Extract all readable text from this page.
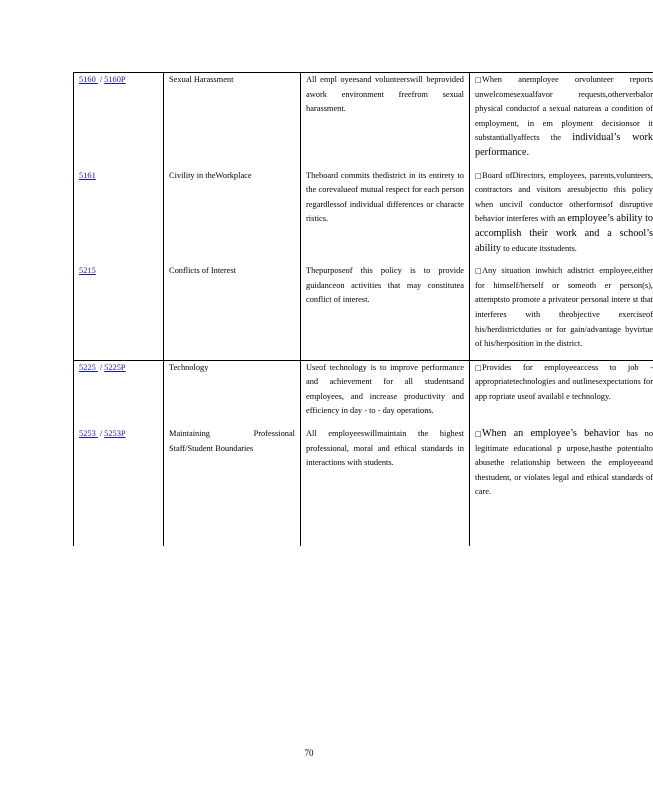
5160 / 5160P	Sexual Harassment	All empl oyeesand volunteerswill beprovided awork environment freefrom sexual harassment.	□When anemployee orvolunteer reports unwelcomesexualfavor requests,otherverbalor physical conductof a sexual natureas a condition of employment, in em ployment decisionsor it substantiallyaffects the individual’s work performance.
5161	Civility in theWorkplace	Theboard commits thedistrict in its entirety to the corevalueof mutual respect for each person regardlessof individual differences or characte ristics.	□Board ofDirectors, employees, parents,volunteers, contractors and visitors aresubjectto this policy when uncivil conductor otherformsof disruptive behavior interferes with an employee’s ability to accomplish their work and a school’s ability to educate itsstudents.
5215	Conflicts of Interest	Thepurposeof this policy is to provide guidanceon activities that may constitutea conflict of interest.	□Any situation inwhich adistrict employee,either for himself/herself or someoth er person(s), attemptsto promote a privateor personal intere st that interferes with theobjective exerciseof his/herdistrictduties or for gain/advantage byvirtue of his/herposition in the district.
5225 / 5225P	Technology	Useof technology is to improve performance and achievement for all studentsand employees, and increase productivity and efficiency in day - to - day operations.	□Provides for employeeaccess to job - appropriatetechnologies and outlinesexpectations for app ropriate useof availabl e technology.
5253 / 5253P	Maintaining Professional Staff/Student Boundaries	All employeeswillmaintain the highest professional, moral and ethical standards in interactions with students.	□When an employee’s behavior has no legitimate educational p urpose,hasthe potentialto abusethe relationship between the employeeand thestudent, or violates legal and ethical standards of care.
70
